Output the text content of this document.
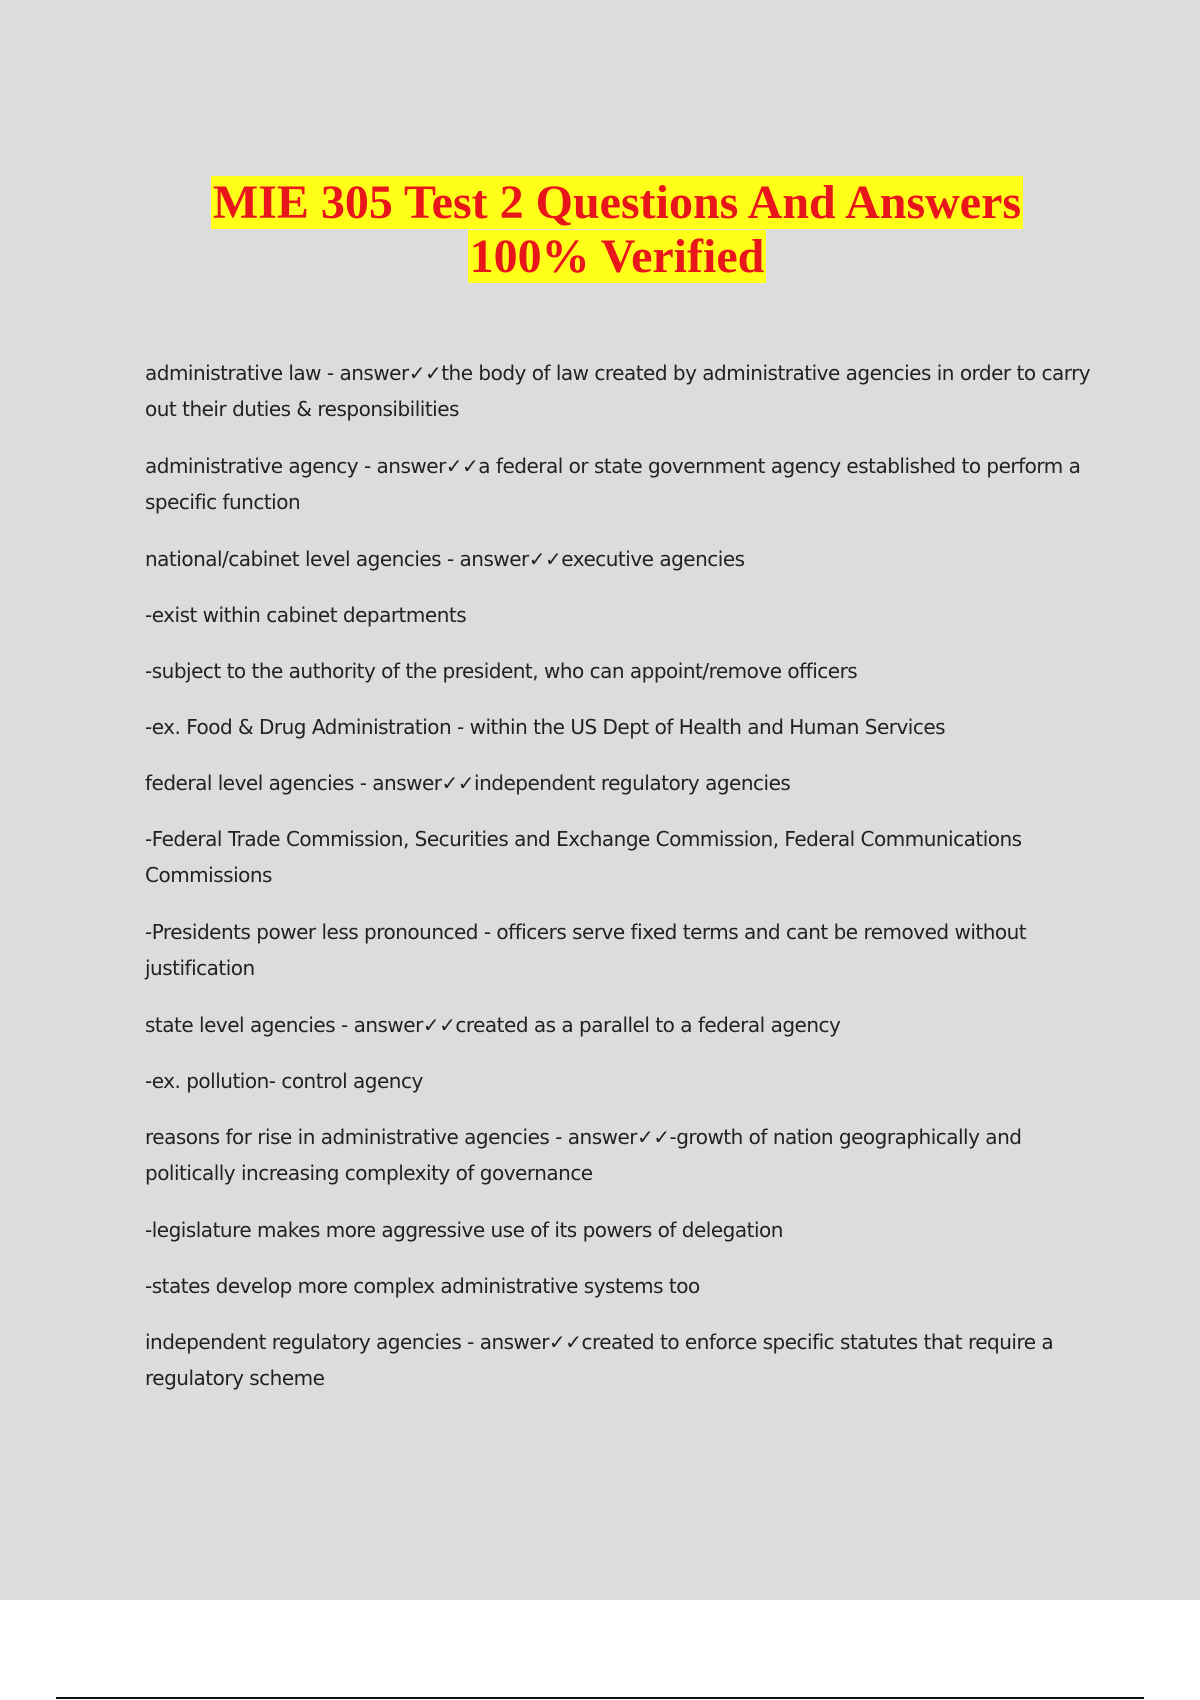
MIE 305 Test 2 Questions And Answers
100% Verified

administrative law - answer✓✓the body of law created by administrative agencies in order to carry out their duties & responsibilities

administrative agency - answer✓✓a federal or state government agency established to perform a specific function

national/cabinet level agencies - answer✓✓executive agencies

-exist within cabinet departments

-subject to the authority of the president, who can appoint/remove officers

-ex. Food & Drug Administration - within the US Dept of Health and Human Services

federal level agencies - answer✓✓independent regulatory agencies

-Federal Trade Commission, Securities and Exchange Commission, Federal Communications Commissions

-Presidents power less pronounced - officers serve fixed terms and cant be removed without justification

state level agencies - answer✓✓created as a parallel to a federal agency

-ex. pollution- control agency

reasons for rise in administrative agencies - answer✓✓-growth of nation geographically and politically increasing complexity of governance

-legislature makes more aggressive use of its powers of delegation

-states develop more complex administrative systems too

independent regulatory agencies - answer✓✓created to enforce specific statutes that require a regulatory scheme
